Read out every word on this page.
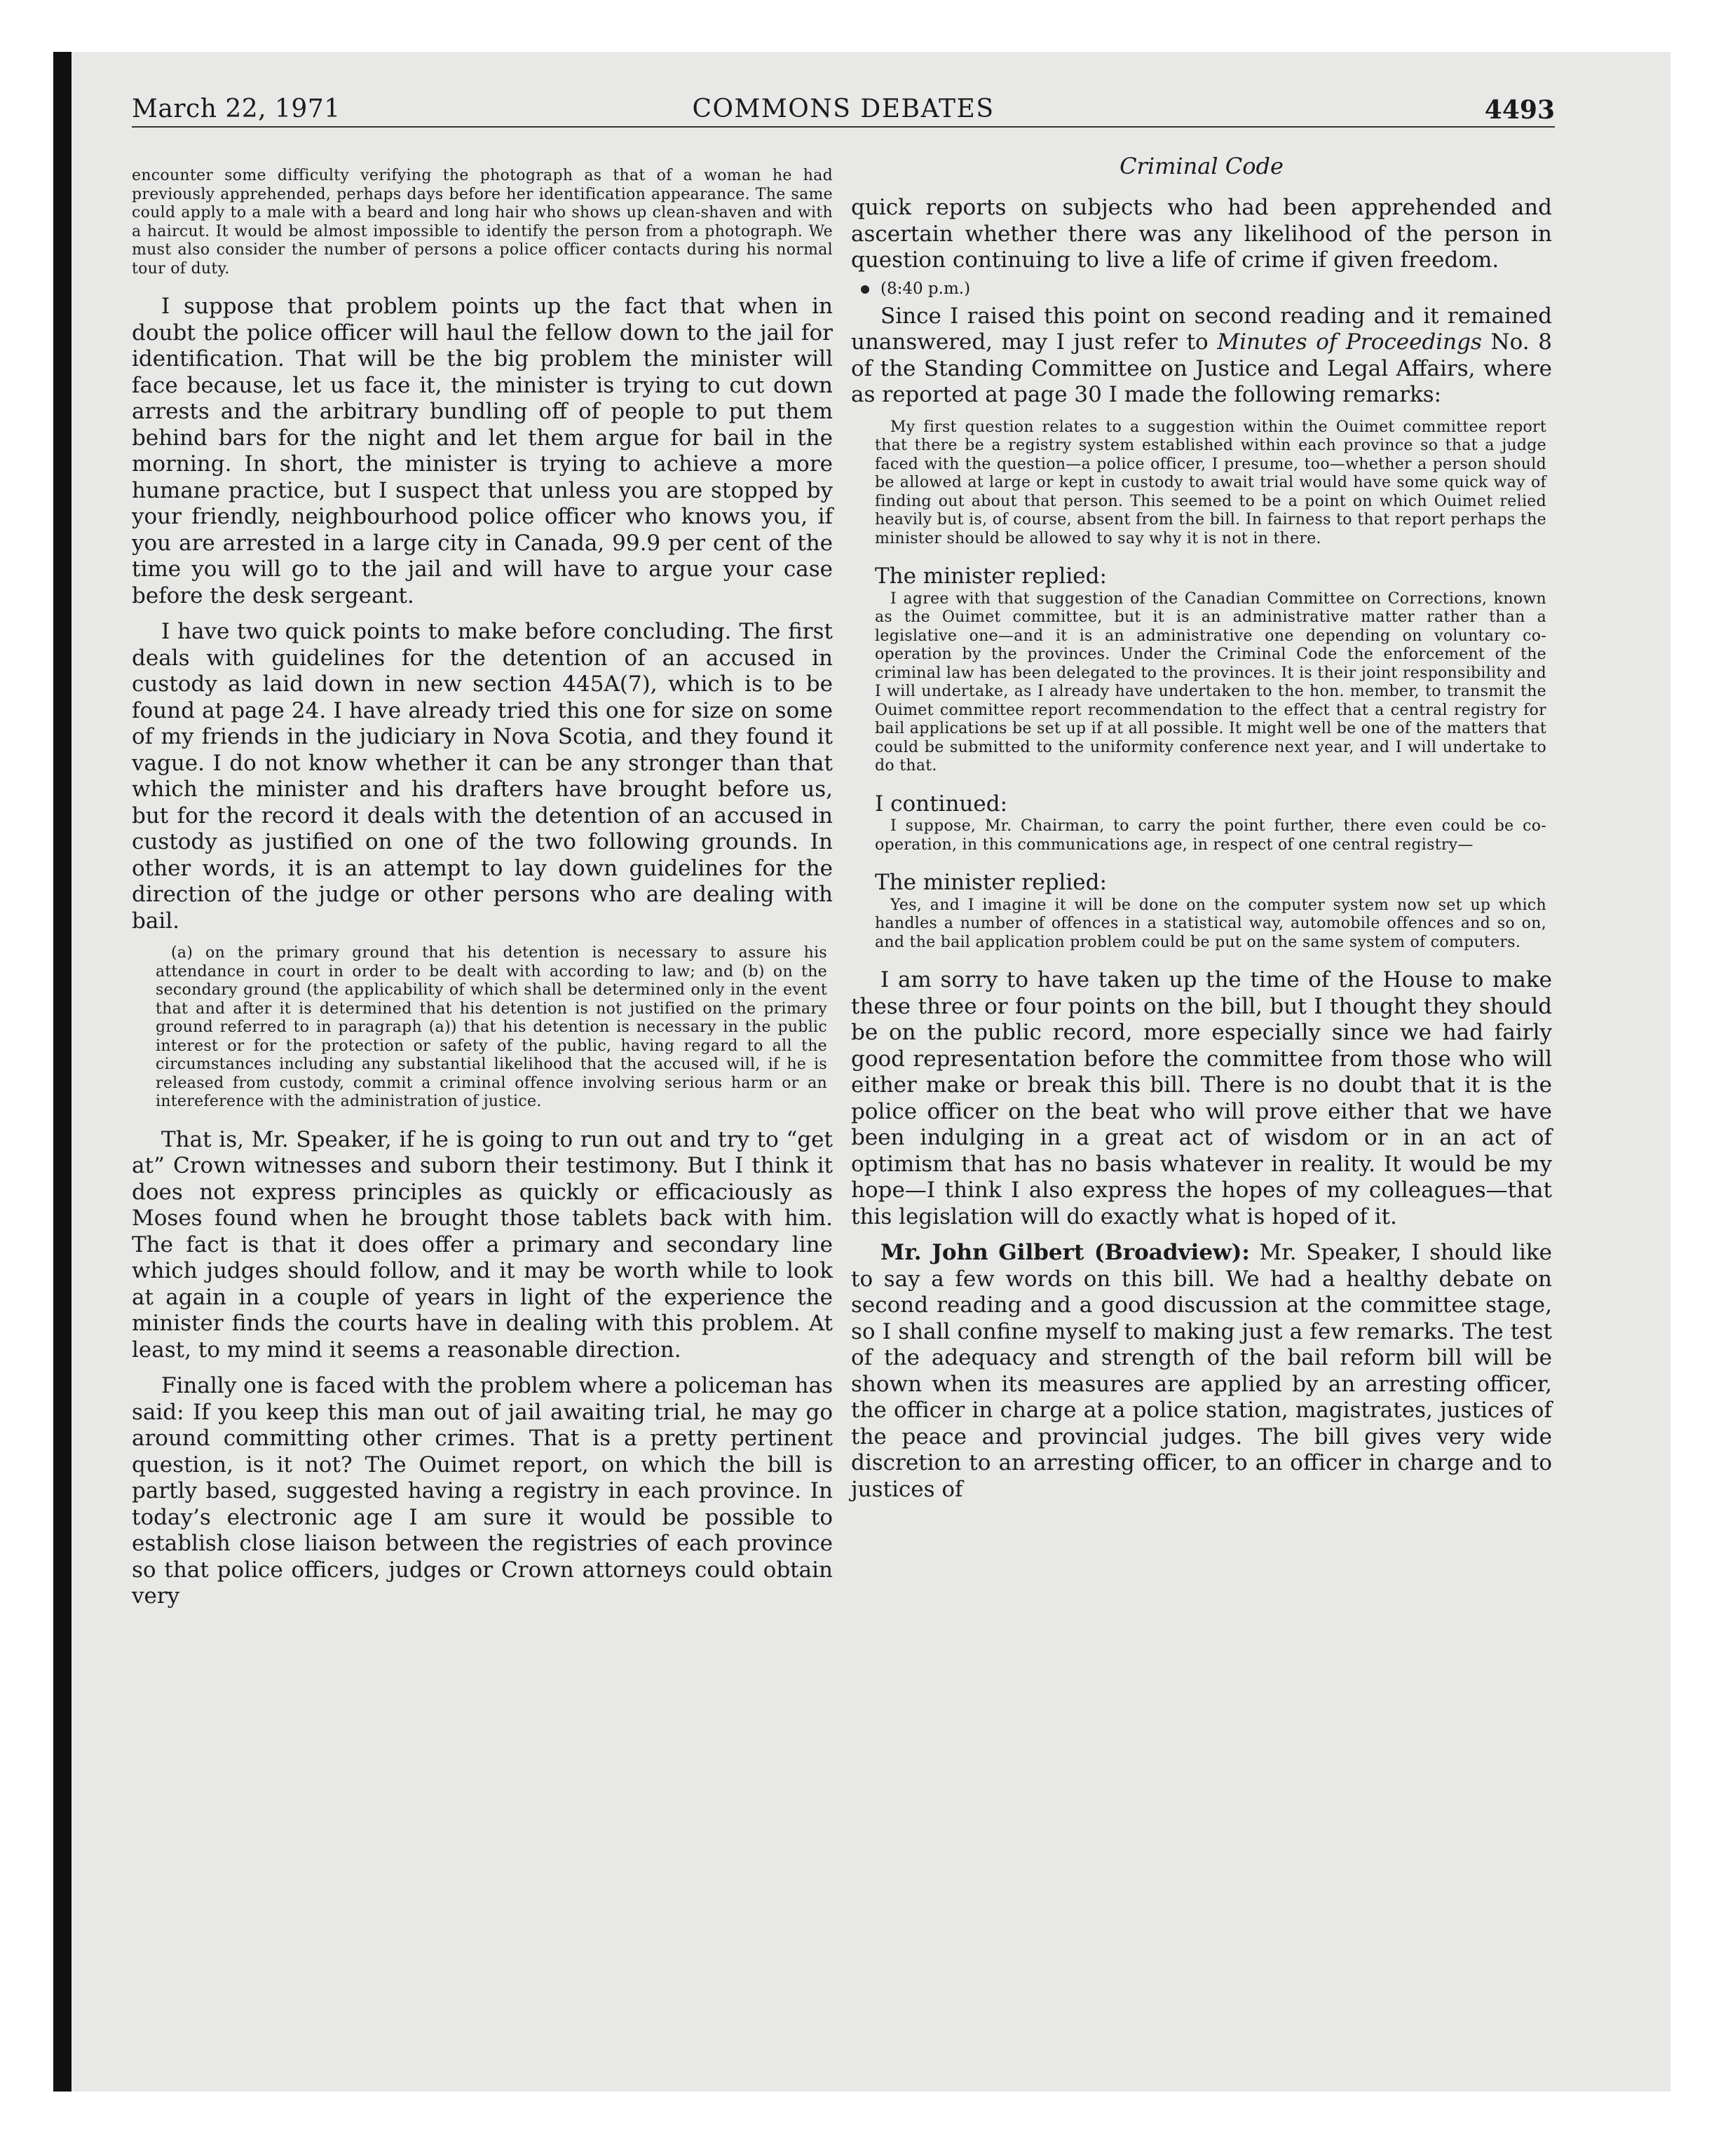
March 22, 1971	COMMONS DEBATES	4493

encounter some difficulty verifying the photograph as that of a woman he had previously apprehended, perhaps days before her identification appearance. The same could apply to a male with a beard and long hair who shows up clean-shaven and with a haircut. It would be almost impossible to identify the person from a photograph. We must also consider the number of persons a police officer contacts during his normal tour of duty.

I suppose that problem points up the fact that when in doubt the police officer will haul the fellow down to the jail for identification. That will be the big problem the minister will face because, let us face it, the minister is trying to cut down arrests and the arbitrary bundling off of people to put them behind bars for the night and let them argue for bail in the morning. In short, the minister is trying to achieve a more humane practice, but I suspect that unless you are stopped by your friendly, neighbourhood police officer who knows you, if you are arrested in a large city in Canada, 99.9 per cent of the time you will go to the jail and will have to argue your case before the desk sergeant.

I have two quick points to make before concluding. The first deals with guidelines for the detention of an accused in custody as laid down in new section 445A(7), which is to be found at page 24. I have already tried this one for size on some of my friends in the judiciary in Nova Scotia, and they found it vague. I do not know whether it can be any stronger than that which the minister and his drafters have brought before us, but for the record it deals with the detention of an accused in custody as justified on one of the two following grounds. In other words, it is an attempt to lay down guidelines for the direction of the judge or other persons who are dealing with bail.

(a) on the primary ground that his detention is necessary to assure his attendance in court in order to be dealt with according to law; and (b) on the secondary ground (the applicability of which shall be determined only in the event that and after it is determined that his detention is not justified on the primary ground referred to in paragraph (a)) that his detention is necessary in the public interest or for the protection or safety of the public, having regard to all the circumstances including any substantial likelihood that the accused will, if he is released from custody, commit a criminal offence involving serious harm or an intereference with the administration of justice.

That is, Mr. Speaker, if he is going to run out and try to “get at” Crown witnesses and suborn their testimony. But I think it does not express principles as quickly or efficaciously as Moses found when he brought those tablets back with him. The fact is that it does offer a primary and secondary line which judges should follow, and it may be worth while to look at again in a couple of years in light of the experience the minister finds the courts have in dealing with this problem. At least, to my mind it seems a reasonable direction.

Finally one is faced with the problem where a policeman has said: If you keep this man out of jail awaiting trial, he may go around committing other crimes. That is a pretty pertinent question, is it not? The Ouimet report, on which the bill is partly based, suggested having a registry in each province. In today’s electronic age I am sure it would be possible to establish close liaison between the registries of each province so that police officers, judges or Crown attorneys could obtain very

Criminal Code

quick reports on subjects who had been apprehended and ascertain whether there was any likelihood of the person in question continuing to live a life of crime if given freedom.

(8:40 p.m.)

Since I raised this point on second reading and it remained unanswered, may I just refer to Minutes of Proceedings No. 8 of the Standing Committee on Justice and Legal Affairs, where as reported at page 30 I made the following remarks:

My first question relates to a suggestion within the Ouimet committee report that there be a registry system established within each province so that a judge faced with the question—a police officer, I presume, too—whether a person should be allowed at large or kept in custody to await trial would have some quick way of finding out about that person. This seemed to be a point on which Ouimet relied heavily but is, of course, absent from the bill. In fairness to that report perhaps the minister should be allowed to say why it is not in there.

The minister replied:

I agree with that suggestion of the Canadian Committee on Corrections, known as the Ouimet committee, but it is an administrative matter rather than a legislative one—and it is an administrative one depending on voluntary co-operation by the provinces. Under the Criminal Code the enforcement of the criminal law has been delegated to the provinces. It is their joint responsibility and I will undertake, as I already have undertaken to the hon. member, to transmit the Ouimet committee report recommendation to the effect that a central registry for bail applications be set up if at all possible. It might well be one of the matters that could be submitted to the uniformity conference next year, and I will undertake to do that.

I continued:

I suppose, Mr. Chairman, to carry the point further, there even could be co-operation, in this communications age, in respect of one central registry—

The minister replied:

Yes, and I imagine it will be done on the computer system now set up which handles a number of offences in a statistical way, automobile offences and so on, and the bail application problem could be put on the same system of computers.

I am sorry to have taken up the time of the House to make these three or four points on the bill, but I thought they should be on the public record, more especially since we had fairly good representation before the committee from those who will either make or break this bill. There is no doubt that it is the police officer on the beat who will prove either that we have been indulging in a great act of wisdom or in an act of optimism that has no basis whatever in reality. It would be my hope—I think I also express the hopes of my colleagues—that this legislation will do exactly what is hoped of it.

Mr. John Gilbert (Broadview): Mr. Speaker, I should like to say a few words on this bill. We had a healthy debate on second reading and a good discussion at the committee stage, so I shall confine myself to making just a few remarks. The test of the adequacy and strength of the bail reform bill will be shown when its measures are applied by an arresting officer, the officer in charge at a police station, magistrates, justices of the peace and provincial judges. The bill gives very wide discretion to an arresting officer, to an officer in charge and to justices of
